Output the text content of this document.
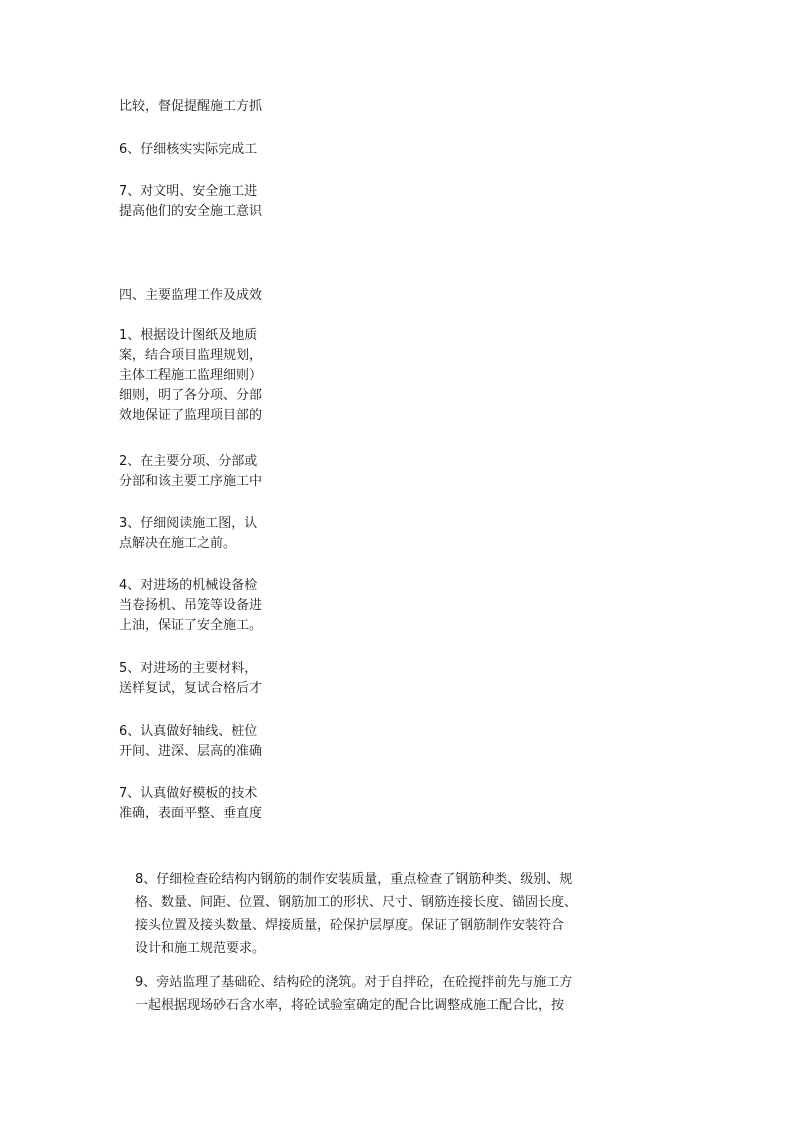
比较，督促提醒施工方抓
6、仔细核实实际完成工
7、对文明、安全施工进
提高他们的安全施工意识
四、主要监理工作及成效
1、根据设计图纸及地质
案，结合项目监理规划，
主体工程施工监理细则）
细则，明了各分项、分部
效地保证了监理项目部的
2、在主要分项、分部或
分部和该主要工序施工中
3、仔细阅读施工图，认
点解决在施工之前。
4、对进场的机械设备检
当卷扬机、吊笼等设备进
上油，保证了安全施工。
5、对进场的主要材料，
送样复试，复试合格后才
6、认真做好轴线、桩位
开间、进深、层高的准确
7、认真做好模板的技术
准确，表面平整、垂直度
8、仔细检查砼结构内钢筋的制作安装质量，重点检查了钢筋种类、级别、规
格、数量、间距、位置、钢筋加工的形状、尺寸、钢筋连接长度、锚固长度、
接头位置及接头数量、焊接质量，砼保护层厚度。保证了钢筋制作安装符合
设计和施工规范要求。
9、旁站监理了基础砼、结构砼的浇筑。对于自拌砼，在砼搅拌前先与施工方
一起根据现场砂石含水率，将砼试验室确定的配合比调整成施工配合比，按
